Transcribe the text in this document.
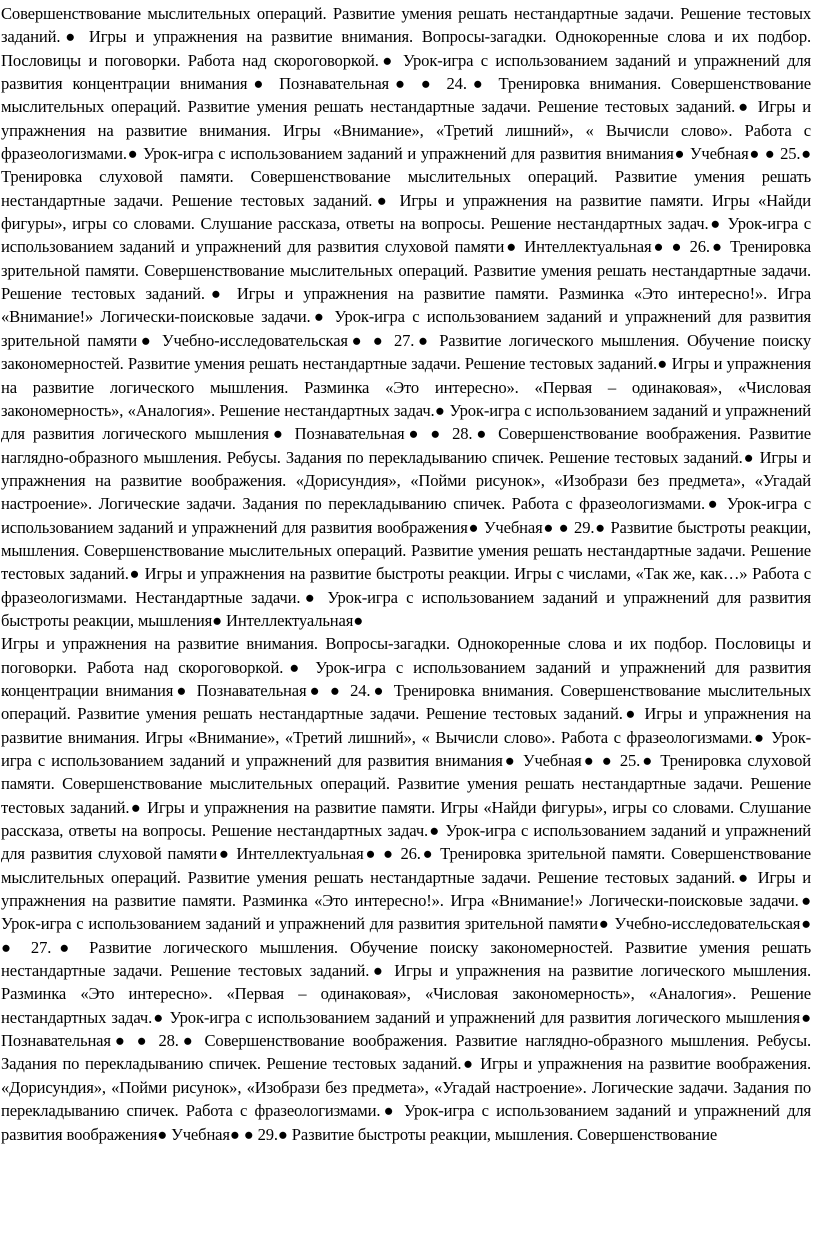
Совершенствование мыслительных операций. Развитие умения решать нестандартные задачи. Решение тестовых заданий.● Игры и упражнения на развитие внимания. Вопросы-загадки. Однокоренные слова и их подбор. Пословицы и поговорки. Работа над скороговоркой.● Урок-игра с использованием заданий и упражнений для развития концентрации внимания● Познавательная● ● 24.● Тренировка внимания. Совершенствование мыслительных операций. Развитие умения решать нестандартные задачи. Решение тестовых заданий.● Игры и упражнения на развитие внимания. Игры «Внимание», «Третий лишний», « Вычисли слово». Работа с фразеологизмами.● Урок-игра с использованием заданий и упражнений для развития внимания● Учебная● ● 25.● Тренировка слуховой памяти. Совершенствование мыслительных операций. Развитие умения решать нестандартные задачи. Решение тестовых заданий.● Игры и упражнения на развитие памяти. Игры «Найди фигуры», игры со словами. Слушание рассказа, ответы на вопросы. Решение нестандартных задач.● Урок-игра с использованием заданий и упражнений для развития слуховой памяти● Интеллектуальная● ● 26.● Тренировка зрительной памяти. Совершенствование мыслительных операций. Развитие умения решать нестандартные задачи. Решение тестовых заданий.● Игры и упражнения на развитие памяти. Разминка «Это интересно!». Игра «Внимание!» Логически-поисковые задачи.● Урок-игра с использованием заданий и упражнений для развития зрительной памяти● Учебно-исследовательская● ● 27.● Развитие логического мышления. Обучение поиску закономерностей. Развитие умения решать нестандартные задачи. Решение тестовых заданий.● Игры и упражнения на развитие логического мышления. Разминка «Это интересно». «Первая – одинаковая», «Числовая закономерность», «Аналогия». Решение нестандартных задач.● Урок-игра с использованием заданий и упражнений для развития логического мышления● Познавательная● ● 28.● Совершенствование воображения. Развитие наглядно-образного мышления. Ребусы. Задания по перекладыванию спичек. Решение тестовых заданий.● Игры и упражнения на развитие воображения. «Дорисундия», «Пойми рисунок», «Изобрази без предмета», «Угадай настроение». Логические задачи. Задания по перекладыванию спичек. Работа с фразеологизмами.● Урок-игра с использованием заданий и упражнений для развития воображения● Учебная● ● 29.● Развитие быстроты реакции, мышления. Совершенствование мыслительных операций. Развитие умения решать нестандартные задачи. Решение тестовых заданий.● Игры и упражнения на развитие быстроты реакции. Игры с числами, «Так же, как…» Работа с фразеологизмами. Нестандартные задачи.● Урок-игра с использованием заданий и упражнений для развития быстроты реакции, мышления● Интеллектуальная●

Игры и упражнения на развитие внимания. Вопросы-загадки. Однокоренные слова и их подбор. Пословицы и поговорки. Работа над скороговоркой.● Урок-игра с использованием заданий и упражнений для развития концентрации внимания● Познавательная● ● 24.● Тренировка внимания. Совершенствование мыслительных операций. Развитие умения решать нестандартные задачи. Решение тестовых заданий.● Игры и упражнения на развитие внимания. Игры «Внимание», «Третий лишний», « Вычисли слово». Работа с фразеологизмами.● Урок-игра с использованием заданий и упражнений для развития внимания● Учебная● ● 25.● Тренировка слуховой памяти. Совершенствование мыслительных операций. Развитие умения решать нестандартные задачи. Решение тестовых заданий.● Игры и упражнения на развитие памяти. Игры «Найди фигуры», игры со словами. Слушание рассказа, ответы на вопросы. Решение нестандартных задач.● Урок-игра с использованием заданий и упражнений для развития слуховой памяти● Интеллектуальная● ● 26.● Тренировка зрительной памяти. Совершенствование мыслительных операций. Развитие умения решать нестандартные задачи. Решение тестовых заданий.● Игры и упражнения на развитие памяти. Разминка «Это интересно!». Игра «Внимание!» Логически-поисковые задачи.● Урок-игра с использованием заданий и упражнений для развития зрительной памяти● Учебно-исследовательская● ● 27.● Развитие логического мышления. Обучение поиску закономерностей. Развитие умения решать нестандартные задачи. Решение тестовых заданий.● Игры и упражнения на развитие логического мышления. Разминка «Это интересно». «Первая – одинаковая», «Числовая закономерность», «Аналогия». Решение нестандартных задач.● Урок-игра с использованием заданий и упражнений для развития логического мышления● Познавательная● ● 28.● Совершенствование воображения. Развитие наглядно-образного мышления. Ребусы. Задания по перекладыванию спичек. Решение тестовых заданий.● Игры и упражнения на развитие воображения. «Дорисундия», «Пойми рисунок», «Изобрази без предмета», «Угадай настроение». Логические задачи. Задания по перекладыванию спичек. Работа с фразеологизмами.● Урок-игра с использованием заданий и упражнений для развития воображения● Учебная● ● 29.● Развитие быстроты реакции, мышления. Совершенствование
